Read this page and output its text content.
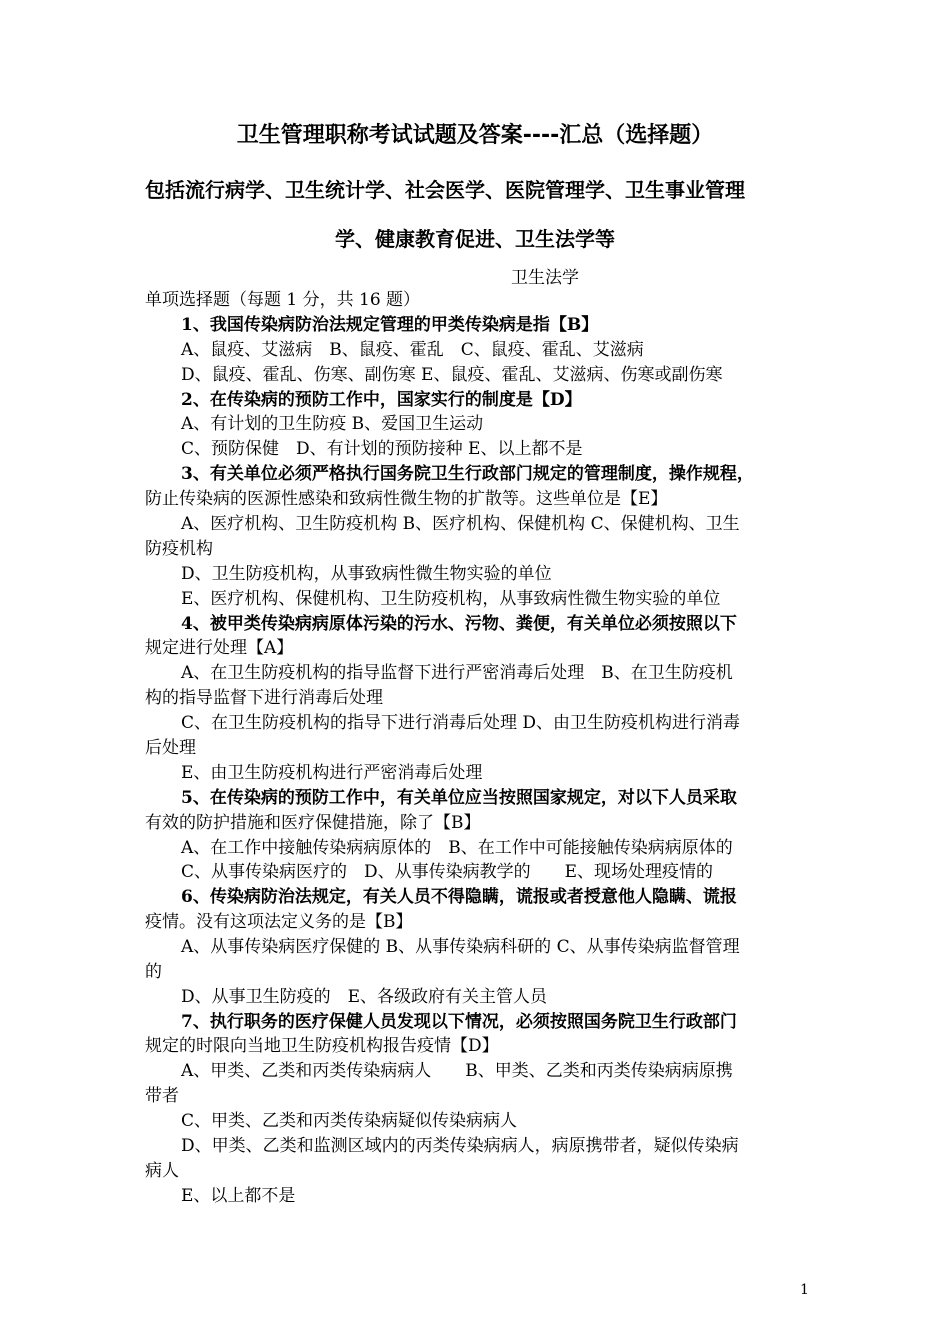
卫生管理职称考试试题及答案----汇总（选择题）
包括流行病学、卫生统计学、社会医学、医院管理学、卫生事业管理
学、健康教育促进、卫生法学等
卫生法学
单项选择题（每题 1 分，共 16 题）
1、我国传染病防治法规定管理的甲类传染病是指【B】
A、鼠疫、艾滋病　B、鼠疫、霍乱　C、鼠疫、霍乱、艾滋病
D、鼠疫、霍乱、伤寒、副伤寒 E、鼠疫、霍乱、艾滋病、伤寒或副伤寒
2、在传染病的预防工作中，国家实行的制度是【D】
A、有计划的卫生防疫 B、爱国卫生运动
C、预防保健　D、有计划的预防接种 E、以上都不是
3、有关单位必须严格执行国务院卫生行政部门规定的管理制度，操作规程，
防止传染病的医源性感染和致病性微生物的扩散等。这些单位是【E】
A、医疗机构、卫生防疫机构 B、医疗机构、保健机构 C、保健机构、卫生
防疫机构
D、卫生防疫机构，从事致病性微生物实验的单位
E、医疗机构、保健机构、卫生防疫机构，从事致病性微生物实验的单位
4、被甲类传染病病原体污染的污水、污物、粪便，有关单位必须按照以下
规定进行处理【A】
A、在卫生防疫机构的指导监督下进行严密消毒后处理　B、在卫生防疫机
构的指导监督下进行消毒后处理
C、在卫生防疫机构的指导下进行消毒后处理 D、由卫生防疫机构进行消毒
后处理
E、由卫生防疫机构进行严密消毒后处理
5、在传染病的预防工作中，有关单位应当按照国家规定，对以下人员采取
有效的防护措施和医疗保健措施，除了【B】
A、在工作中接触传染病病原体的　B、在工作中可能接触传染病病原体的
C、从事传染病医疗的　D、从事传染病教学的　　E、现场处理疫情的
6、传染病防治法规定，有关人员不得隐瞒，谎报或者授意他人隐瞒、谎报
疫情。没有这项法定义务的是【B】
A、从事传染病医疗保健的 B、从事传染病科研的 C、从事传染病监督管理
的
D、从事卫生防疫的　E、各级政府有关主管人员
7、执行职务的医疗保健人员发现以下情况，必须按照国务院卫生行政部门
规定的时限向当地卫生防疫机构报告疫情【D】
A、甲类、乙类和丙类传染病病人　　B、甲类、乙类和丙类传染病病原携
带者
C、甲类、乙类和丙类传染病疑似传染病病人
D、甲类、乙类和监测区域内的丙类传染病病人，病原携带者，疑似传染病
病人
E、以上都不是
1
